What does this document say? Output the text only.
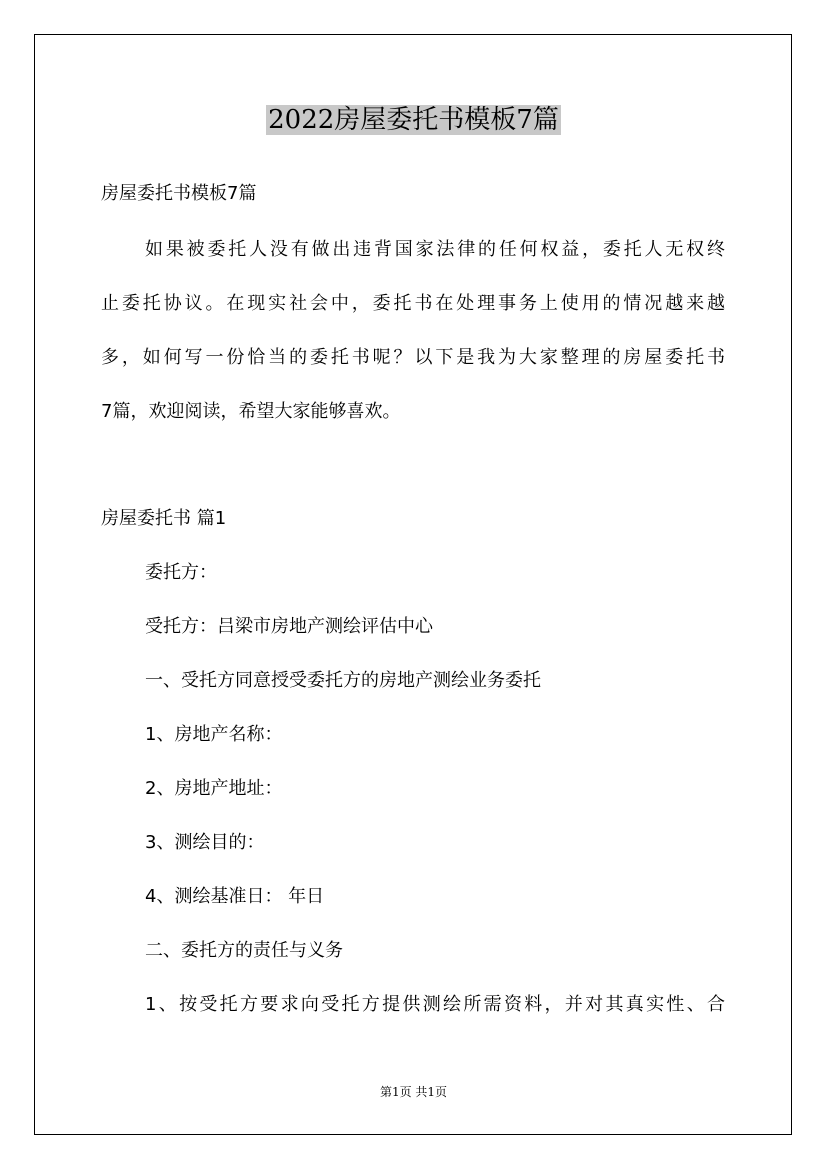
2022房屋委托书模板7篇
房屋委托书模板7篇
如果被委托人没有做出违背国家法律的任何权益，委托人无权终
止委托协议。在现实社会中，委托书在处理事务上使用的情况越来越
多，如何写一份恰当的委托书呢？以下是我为大家整理的房屋委托书
7篇，欢迎阅读，希望大家能够喜欢。
房屋委托书 篇1
委托方：
受托方：吕梁市房地产测绘评估中心
一、受托方同意授受委托方的房地产测绘业务委托
1、房地产名称：
2、房地产地址：
3、测绘目的：
4、测绘基准日： 年日
二、委托方的责任与义务
1、按受托方要求向受托方提供测绘所需资料，并对其真实性、合
第1页 共1页
